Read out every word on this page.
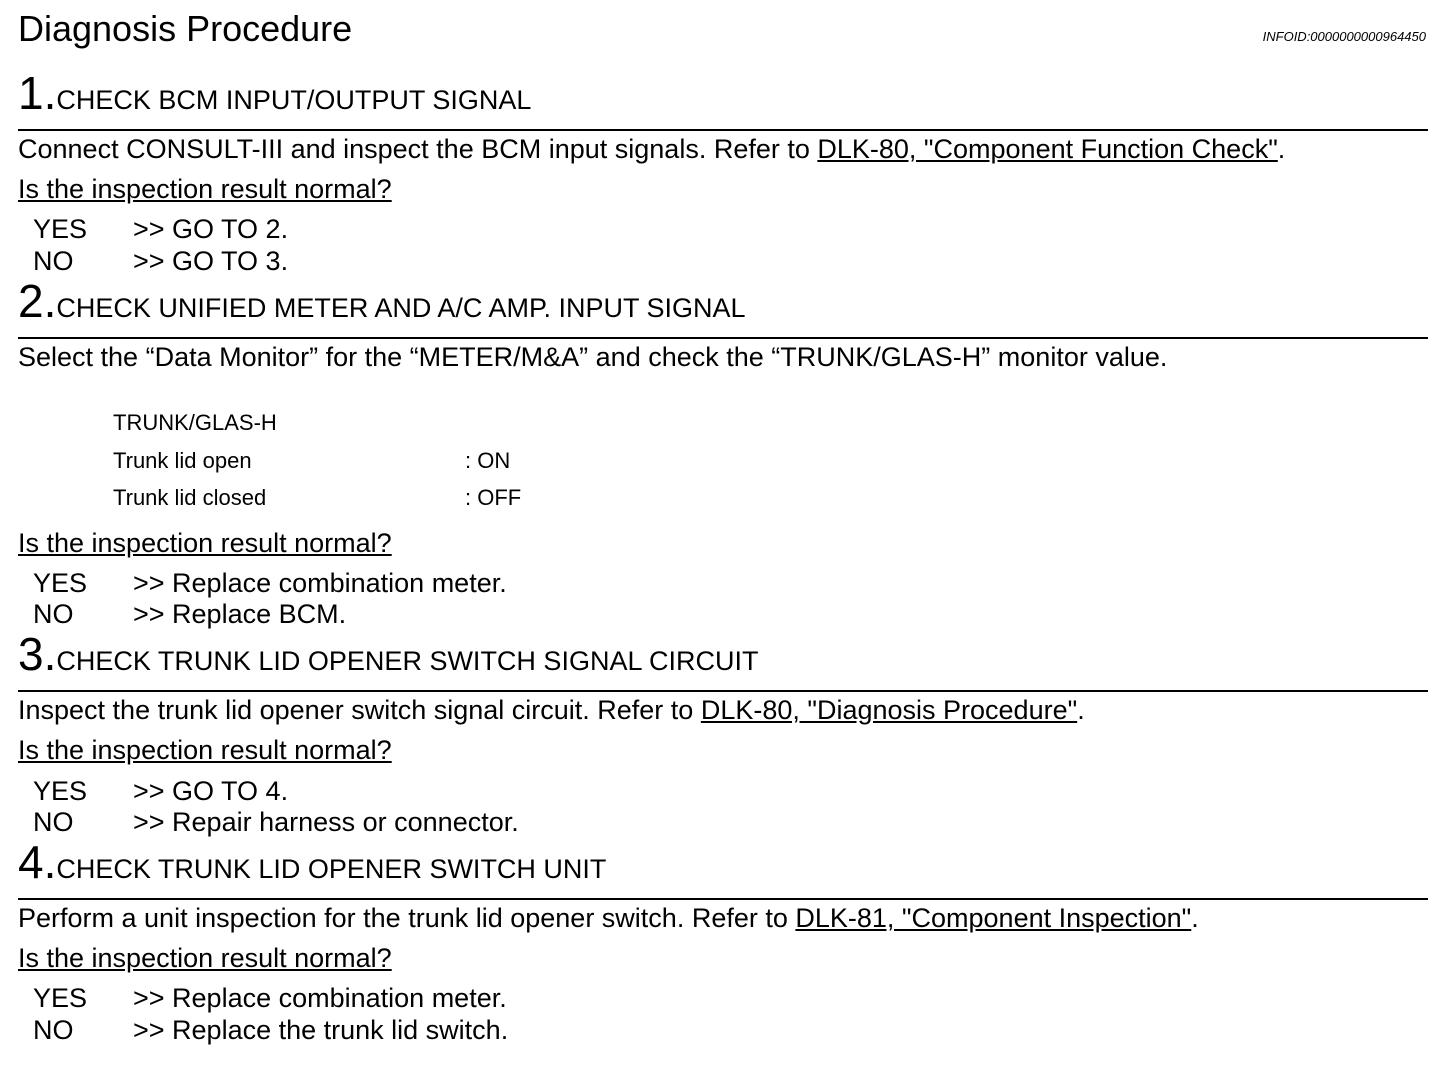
Diagnosis Procedure	INFOID:0000000000964450
1.CHECK BCM INPUT/OUTPUT SIGNAL
Connect CONSULT-III and inspect the BCM input signals. Refer to DLK-80, "Component Function Check".
Is the inspection result normal?
YES >> GO TO 2.
NO >> GO TO 3.
2.CHECK UNIFIED METER AND A/C AMP. INPUT SIGNAL
Select the “Data Monitor” for the “METER/M&A” and check the “TRUNK/GLAS-H” monitor value.
TRUNK/GLAS-H
Trunk lid open	: ON
Trunk lid closed	: OFF
Is the inspection result normal?
YES >> Replace combination meter.
NO >> Replace BCM.
3.CHECK TRUNK LID OPENER SWITCH SIGNAL CIRCUIT
Inspect the trunk lid opener switch signal circuit. Refer to DLK-80, "Diagnosis Procedure".
Is the inspection result normal?
YES >> GO TO 4.
NO >> Repair harness or connector.
4.CHECK TRUNK LID OPENER SWITCH UNIT
Perform a unit inspection for the trunk lid opener switch. Refer to DLK-81, "Component Inspection".
Is the inspection result normal?
YES >> Replace combination meter.
NO >> Replace the trunk lid switch.
